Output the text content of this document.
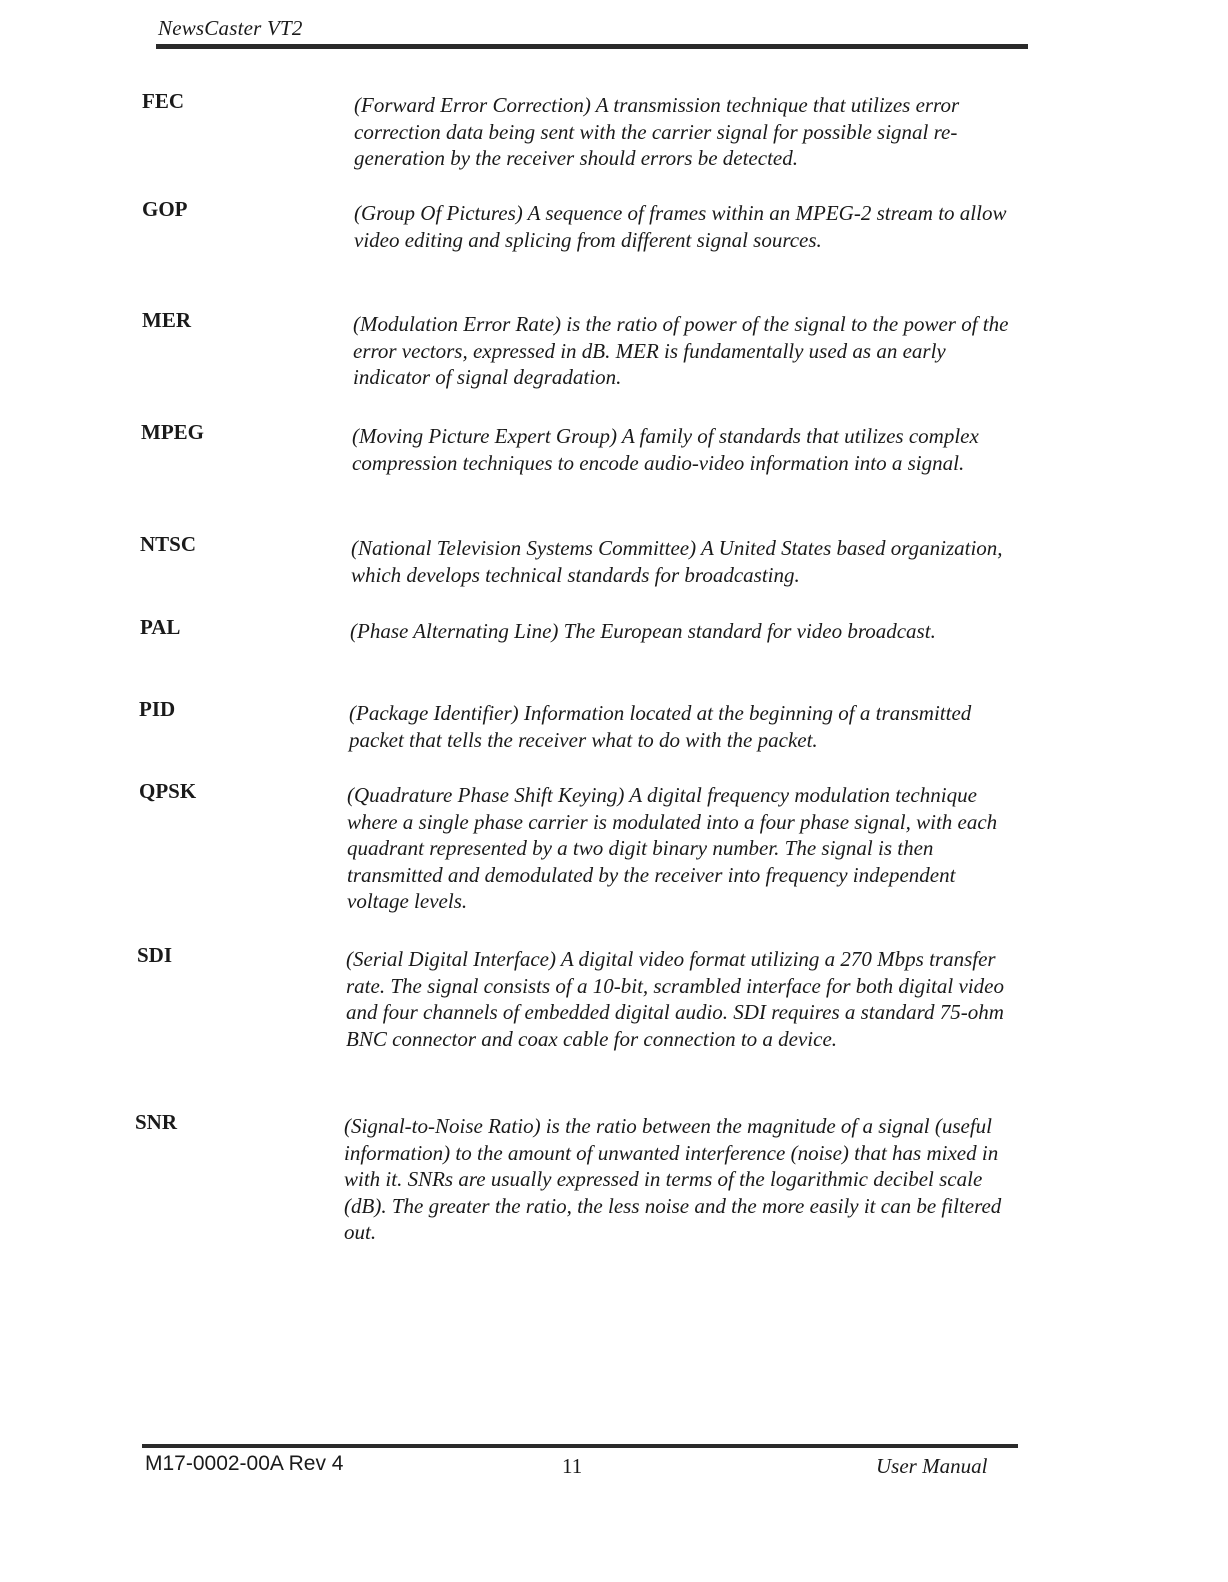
NewsCaster VT2
FEC	(Forward Error Correction) A transmission technique that utilizes error correction data being sent with the carrier signal for possible signal re-generation by the receiver should errors be detected.
GOP	(Group Of Pictures) A sequence of frames within an MPEG-2 stream to allow video editing and splicing from different signal sources.
MER	(Modulation Error Rate) is the ratio of power of the signal to the power of the error vectors, expressed in dB. MER is fundamentally used as an early indicator of signal degradation.
MPEG	(Moving Picture Expert Group) A family of standards that utilizes complex compression techniques to encode audio-video information into a signal.
NTSC	(National Television Systems Committee) A United States based organization, which develops technical standards for broadcasting.
PAL	(Phase Alternating Line) The European standard for video broadcast.
PID	(Package Identifier) Information located at the beginning of a transmitted packet that tells the receiver what to do with the packet.
QPSK	(Quadrature Phase Shift Keying) A digital frequency modulation technique where a single phase carrier is modulated into a four phase signal, with each quadrant represented by a two digit binary number. The signal is then transmitted and demodulated by the receiver into frequency independent voltage levels.
SDI	(Serial Digital Interface) A digital video format utilizing a 270 Mbps transfer rate. The signal consists of a 10-bit, scrambled interface for both digital video and four channels of embedded digital audio. SDI requires a standard 75-ohm BNC connector and coax cable for connection to a device.
SNR	(Signal-to-Noise Ratio) is the ratio between the magnitude of a signal (useful information) to the amount of unwanted interference (noise) that has mixed in with it. SNRs are usually expressed in terms of the logarithmic decibel scale (dB). The greater the ratio, the less noise and the more easily it can be filtered out.
M17-0002-00A Rev 4	11	User Manual
